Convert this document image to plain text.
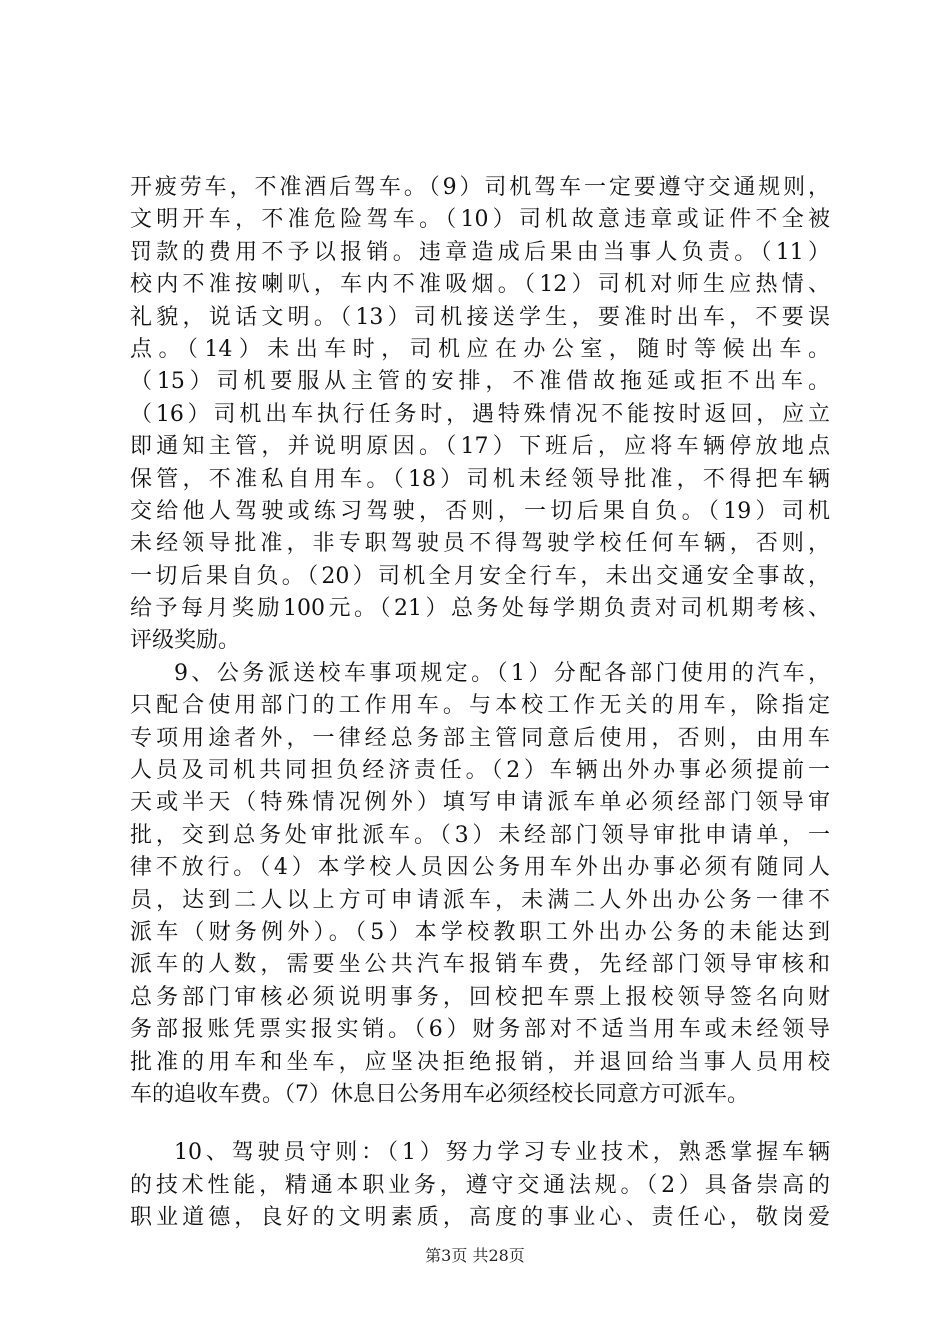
开疲劳车，不准酒后驾车。（9）司机驾车一定要遵守交通规则，
文明开车，不准危险驾车。（10）司机故意违章或证件不全被
罚款的费用不予以报销。违章造成后果由当事人负责。（11）
校内不准按喇叭，车内不准吸烟。（12）司机对师生应热情、
礼貌，说话文明。（13）司机接送学生，要准时出车，不要误
点。（14）未出车时，司机应在办公室，随时等候出车。
（15）司机要服从主管的安排，不准借故拖延或拒不出车。
（16）司机出车执行任务时，遇特殊情况不能按时返回，应立
即通知主管，并说明原因。（17）下班后，应将车辆停放地点
保管，不准私自用车。（18）司机未经领导批准，不得把车辆
交给他人驾驶或练习驾驶，否则，一切后果自负。（19）司机
未经领导批准，非专职驾驶员不得驾驶学校任何车辆，否则，
一切后果自负。（20）司机全月安全行车，未出交通安全事故，
给予每月奖励100元。（21）总务处每学期负责对司机期考核、
评级奖励。
9、公务派送校车事项规定。（1）分配各部门使用的汽车，
只配合使用部门的工作用车。与本校工作无关的用车，除指定
专项用途者外，一律经总务部主管同意后使用，否则，由用车
人员及司机共同担负经济责任。（2）车辆出外办事必须提前一
天或半天（特殊情况例外）填写申请派车单必须经部门领导审
批，交到总务处审批派车。（3）未经部门领导审批申请单，一
律不放行。（4）本学校人员因公务用车外出办事必须有随同人
员，达到二人以上方可申请派车，未满二人外出办公务一律不
派车（财务例外）。（5）本学校教职工外出办公务的未能达到
派车的人数，需要坐公共汽车报销车费，先经部门领导审核和
总务部门审核必须说明事务，回校把车票上报校领导签名向财
务部报账凭票实报实销。（6）财务部对不适当用车或未经领导
批准的用车和坐车，应坚决拒绝报销，并退回给当事人员用校
车的追收车费。（7）休息日公务用车必须经校长同意方可派车。
10、驾驶员守则：（1）努力学习专业技术，熟悉掌握车辆
的技术性能，精通本职业务，遵守交通法规。（2）具备崇高的
职业道德，良好的文明素质，高度的事业心、责任心，敬岗爱
第3页 共28页
